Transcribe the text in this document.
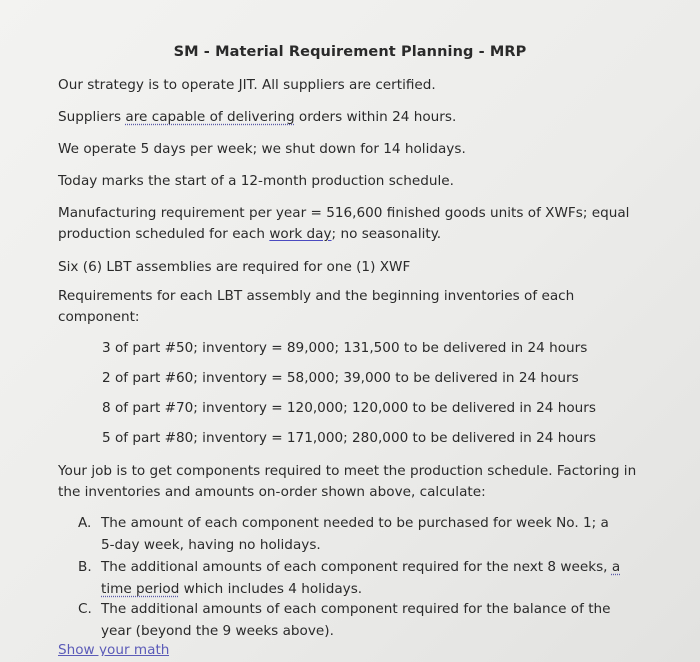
SM - Material Requirement Planning - MRP
Our strategy is to operate JIT. All suppliers are certified.
Suppliers are capable of delivering orders within 24 hours.
We operate 5 days per week; we shut down for 14 holidays.
Today marks the start of a 12-month production schedule.
Manufacturing requirement per year = 516,600 finished goods units of XWFs; equal production scheduled for each work day; no seasonality.
Six (6) LBT assemblies are required for one (1) XWF
Requirements for each LBT assembly and the beginning inventories of each component:
3 of part #50; inventory = 89,000; 131,500 to be delivered in 24 hours
2 of part #60; inventory = 58,000; 39,000 to be delivered in 24 hours
8 of part #70; inventory = 120,000; 120,000 to be delivered in 24 hours
5 of part #80; inventory = 171,000; 280,000 to be delivered in 24 hours
Your job is to get components required to meet the production schedule. Factoring in the inventories and amounts on-order shown above, calculate:
A. The amount of each component needed to be purchased for week No. 1; a 5-day week, having no holidays.
B. The additional amounts of each component required for the next 8 weeks, a time period which includes 4 holidays.
C. The additional amounts of each component required for the balance of the year (beyond the 9 weeks above).
Show your math
